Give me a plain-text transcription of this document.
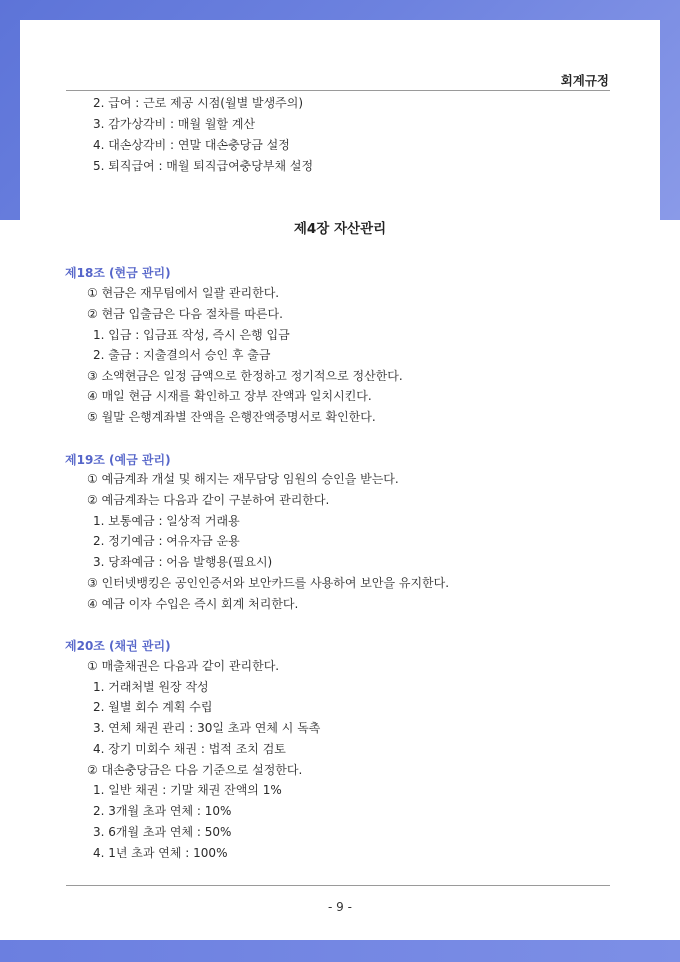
회계규정
2. 급여 : 근로 제공 시점(월별 발생주의)
3. 감가상각비 : 매월 월할 계산
4. 대손상각비 : 연말 대손충당금 설정
5. 퇴직급여 : 매월 퇴직급여충당부채 설정
제4장 자산관리
제18조 (현금 관리)
① 현금은 재무팀에서 일괄 관리한다.
② 현금 입출금은 다음 절차를 따른다.
1. 입금 : 입금표 작성, 즉시 은행 입금
2. 출금 : 지출결의서 승인 후 출금
③ 소액현금은 일정 금액으로 한정하고 정기적으로 정산한다.
④ 매일 현금 시재를 확인하고 장부 잔액과 일치시킨다.
⑤ 월말 은행계좌별 잔액을 은행잔액증명서로 확인한다.
제19조 (예금 관리)
① 예금계좌 개설 및 해지는 재무담당 임원의 승인을 받는다.
② 예금계좌는 다음과 같이 구분하여 관리한다.
1. 보통예금 : 일상적 거래용
2. 정기예금 : 여유자금 운용
3. 당좌예금 : 어음 발행용(필요시)
③ 인터넷뱅킹은 공인인증서와 보안카드를 사용하여 보안을 유지한다.
④ 예금 이자 수입은 즉시 회계 처리한다.
제20조 (채권 관리)
① 매출채권은 다음과 같이 관리한다.
1. 거래처별 원장 작성
2. 월별 회수 계획 수립
3. 연체 채권 관리 : 30일 초과 연체 시 독촉
4. 장기 미회수 채권 : 법적 조치 검토
② 대손충당금은 다음 기준으로 설정한다.
1. 일반 채권 : 기말 채권 잔액의 1%
2. 3개월 초과 연체 : 10%
3. 6개월 초과 연체 : 50%
4. 1년 초과 연체 : 100%
- 9 -
